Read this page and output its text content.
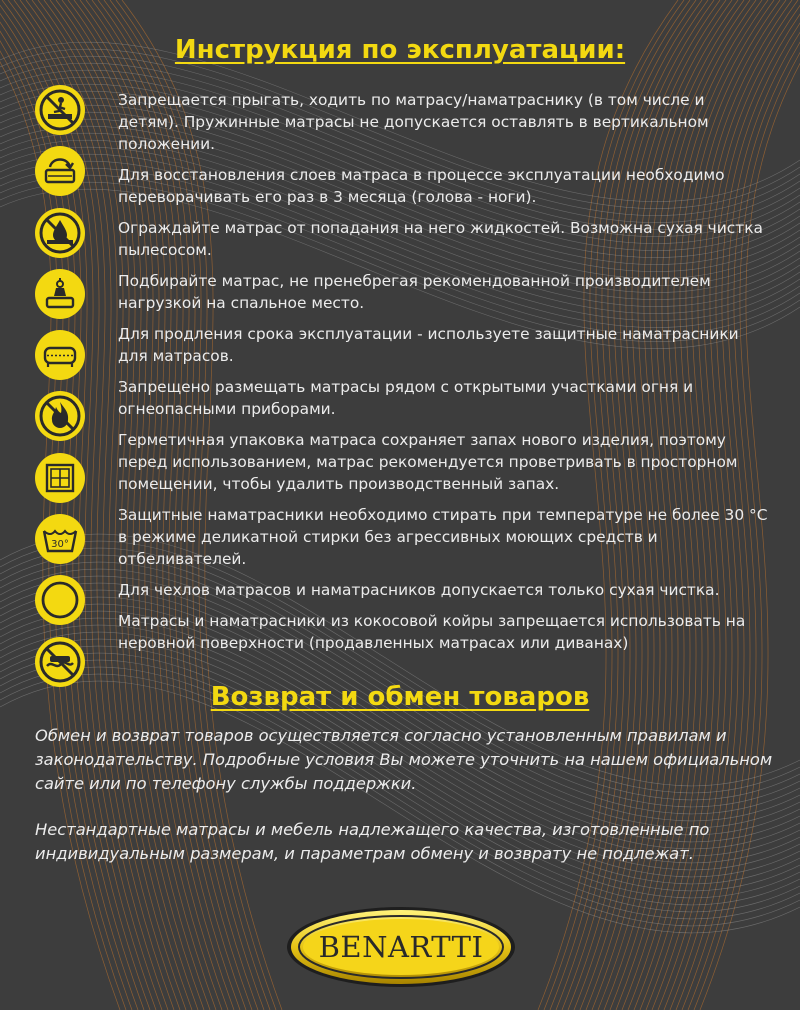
Инструкция по эксплуатации:
30°

Запрещается прыгать, ходить по матрасу/наматраснику (в том числе и детям). Пружинные матрасы не допускается оставлять в вертикальном положении.

Для восстановления слоев матраса в процессе эксплуатации необходимо переворачивать его раз в 3 месяца (голова - ноги).

Ограждайте матрас от попадания на него жидкостей. Возможна сухая чистка пылесосом.

Подбирайте матрас, не пренебрегая рекомендованной производителем нагрузкой на спальное место.

Для продления срока эксплуатации - используете защитные наматрасники для матрасов.

Запрещено размещать матрасы рядом с открытыми участками огня и огнеопасными приборами.

Герметичная упаковка матраса сохраняет запах нового изделия, поэтому перед использованием, матрас рекомендуется проветривать в просторном помещении, чтобы удалить производственный запах.

Защитные наматрасники необходимо стирать при температуре не более 30 °С в режиме деликатной стирки без агрессивных моющих средств и отбеливателей.

Для чехлов матрасов и наматрасников допускается только сухая чистка.

Матрасы и наматрасники из кокосовой койры запрещается использовать на неровной поверхности (продавленных матрасах или диванах)

Возврат и обмен товаров

Обмен и возврат товаров осуществляется согласно установленным правилам и законодательству. Подробные условия Вы можете уточнить на нашем официальном сайте или по телефону службы поддержки.

Нестандартные матрасы и мебель надлежащего качества, изготовленные по индивидуальным размерам, и параметрам обмену и возврату не подлежат.

BENARTTI
